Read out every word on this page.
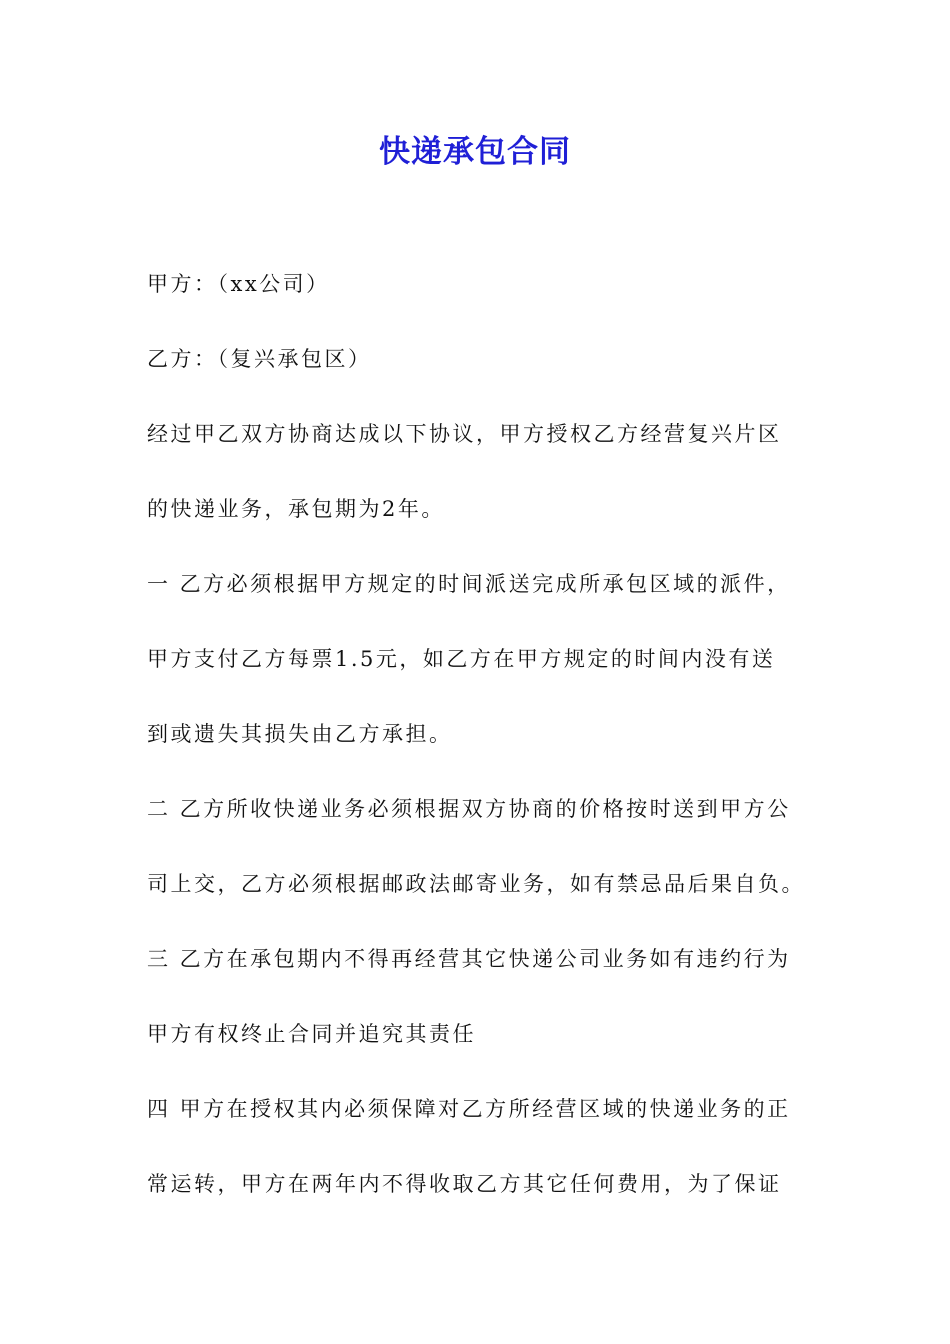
快递承包合同
甲方：（xx公司）
乙方：（复兴承包区）
经过甲乙双方协商达成以下协议，甲方授权乙方经营复兴片区
的快递业务，承包期为2年。
一 乙方必须根据甲方规定的时间派送完成所承包区域的派件，
甲方支付乙方每票1.5元，如乙方在甲方规定的时间内没有送
到或遗失其损失由乙方承担。
二 乙方所收快递业务必须根据双方协商的价格按时送到甲方公
司上交，乙方必须根据邮政法邮寄业务，如有禁忌品后果自负。
三 乙方在承包期内不得再经营其它快递公司业务如有违约行为
甲方有权终止合同并追究其责任
四 甲方在授权其内必须保障对乙方所经营区域的快递业务的正
常运转，甲方在两年内不得收取乙方其它任何费用，为了保证
